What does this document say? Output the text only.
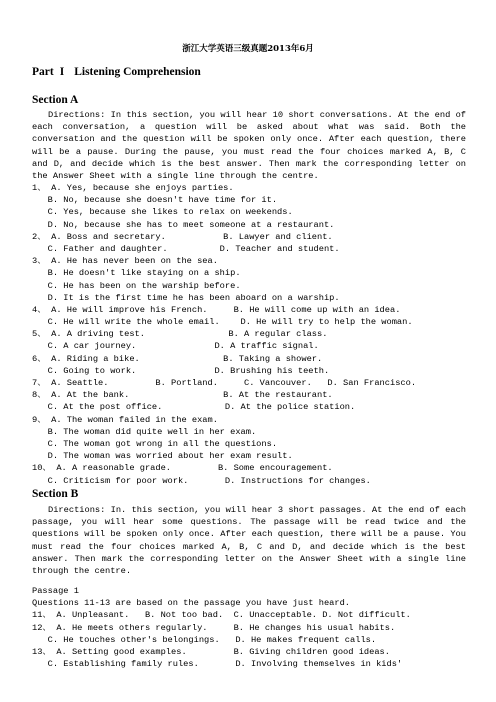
浙江大学英语三级真题2013年6月
Part I Listening Comprehension
Section A
Directions: In this section, you will hear 10 short conversations. At the end of each conversation, a question will be asked about what was said. Both the conversation and the question will be spoken only once. After each question, there will be a pause. During the pause, you must read the four choices marked A, B, C and D, and decide which is the best answer. Then mark the corresponding letter on the Answer Sheet with a single line through the centre.
1、 A. Yes, because she enjoys parties.
B. No, because she doesn't have time for it.
C. Yes, because she likes to relax on weekends.
D. No, because she has to meet someone at a restaurant.
2、 A. Boss and secretary.           B. Lawyer and client.
C. Father and daughter.          D. Teacher and student.
3、 A. He has never been on the sea.
B. He doesn't like staying on a ship.
C. He has been on the warship before.
D. It is the first time he has been aboard on a warship.
4、 A. He will improve his French.     B. He will come up with an idea.
C. He will write the whole email.    D. He will try to help the woman.
5、 A. A driving test.                B. A regular class.
C. A car journey.               D. A traffic signal.
6、 A. Riding a bike.                B. Taking a shower.
C. Going to work.               D. Brushing his teeth.
7、 A. Seattle.         B. Portland.     C. Vancouver.   D. San Francisco.
8、 A. At the bank.                  B. At the restaurant.
C. At the post office.            D. At the police station.
9、 A. The woman failed in the exam.
B. The woman did quite well in her exam.
C. The woman got wrong in all the questions.
D. The woman was worried about her exam result.
10、 A. A reasonable grade.         B. Some encouragement.
C. Criticism for poor work.       D. Instructions for changes.
Section B
Directions: In. this section, you will hear 3 short passages. At the end of each passage, you will hear some questions. The passage will be read twice and the questions will be spoken only once. After each question, there will be a pause. You must read the four choices marked A, B, C and D, and decide which is the best answer. Then mark the corresponding letter on the Answer Sheet with a single line through the centre.
Passage 1
Questions 11-13 are based on the passage you have just heard.
11、 A. Unpleasant.   B. Not too bad.  C. Unacceptable. D. Not difficult.
12、 A. He meets others regularly.     B. He changes his usual habits.
C. He touches other's belongings.   D. He makes frequent calls.
13、 A. Setting good examples.         B. Giving children good ideas.
C. Establishing family rules.       D. Involving themselves in kids'
